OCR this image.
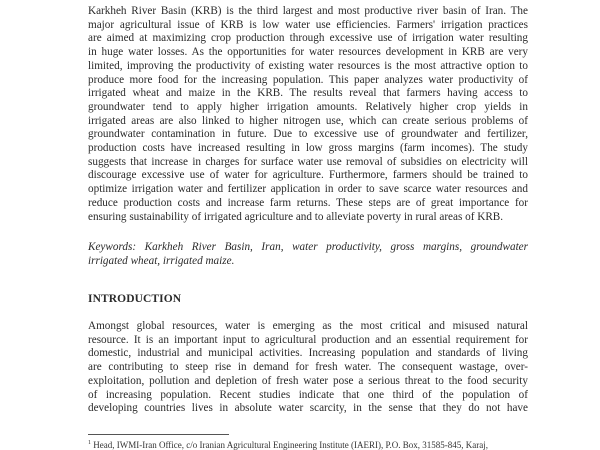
Karkheh River Basin (KRB) is the third largest and most productive river basin of Iran. The
major agricultural issue of KRB is low water use efficiencies. Farmers' irrigation practices
are aimed at maximizing crop production through excessive use of irrigation water resulting
in huge water losses. As the opportunities for water resources development in KRB are very
limited, improving the productivity of existing water resources is the most attractive option to
produce more food for the increasing population. This paper analyzes water productivity of
irrigated wheat and maize in the KRB. The results reveal that farmers having access to
groundwater tend to apply higher irrigation amounts. Relatively higher crop yields in
irrigated areas are also linked to higher nitrogen use, which can create serious problems of
groundwater contamination in future. Due to excessive use of groundwater and fertilizer,
production costs have increased resulting in low gross margins (farm incomes). The study
suggests that increase in charges for surface water use removal of subsidies on electricity will
discourage excessive use of water for agriculture. Furthermore, farmers should be trained to
optimize irrigation water and fertilizer application in order to save scarce water resources and
reduce production costs and increase farm returns. These steps are of great importance for
ensuring sustainability of irrigated agriculture and to alleviate poverty in rural areas of KRB.
Keywords: Karkheh River Basin, Iran, water productivity, gross margins, groundwater
irrigated wheat, irrigated maize.
INTRODUCTION
Amongst global resources, water is emerging as the most critical and misused natural
resource. It is an important input to agricultural production and an essential requirement for
domestic, industrial and municipal activities. Increasing population and standards of living
are contributing to steep rise in demand for fresh water. The consequent wastage, over-
exploitation, pollution and depletion of fresh water pose a serious threat to the food security
of increasing population. Recent studies indicate that one third of the population of
developing countries lives in absolute water scarcity, in the sense that they do not have
$^1$ Head, IWMI-Iran Office, c/o Iranian Agricultural Engineering Institute (IAERI), P.O. Box, 31585-845, Karaj,
